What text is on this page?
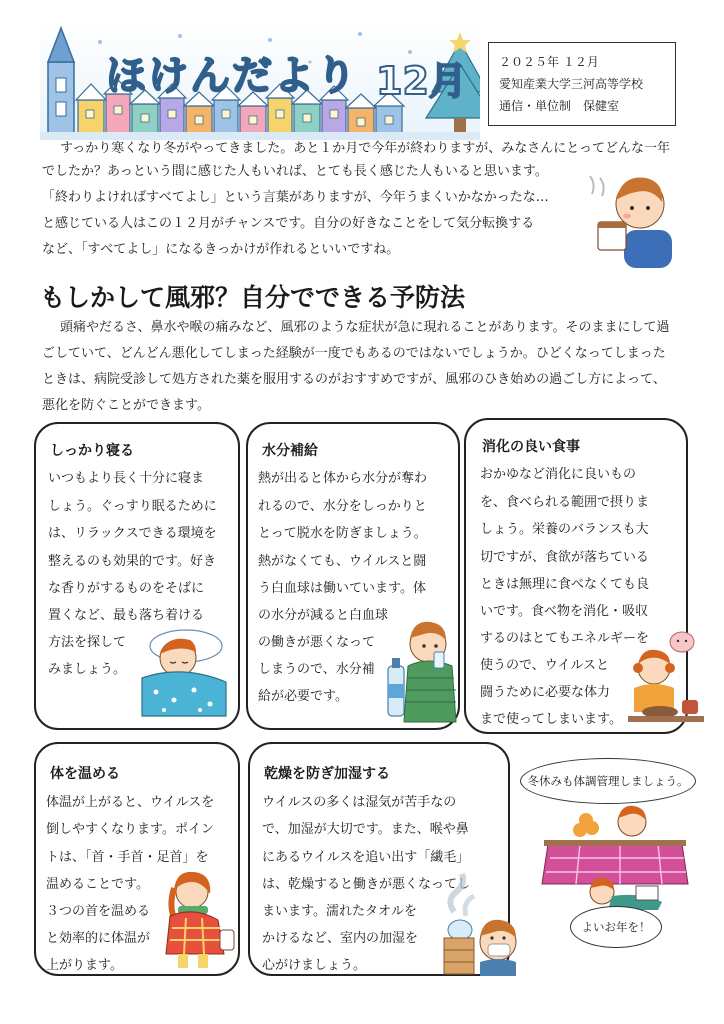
ほけんだより 12月	２０２５年 １２月
愛知産業大学三河高等学校
通信・単位制　保健室
すっかり寒くなり冬がやってきました。あと１か月で今年が終わりますが、みなさんにとってどんな一年
でしたか？あっという間に感じた人もいれば、とても長く感じた人もいると思います。
「終わりよければすべてよし」という言葉がありますが、今年うまくいかなかったな…
と感じている人はこの１２月がチャンスです。自分の好きなことをして気分転換する
など、「すべてよし」になるきっかけが作れるといいですね。
もしかして風邪？自分でできる予防法
頭痛やだるさ、鼻水や喉の痛みなど、風邪のような症状が急に現れることがあります。そのままにして過
ごしていて、どんどん悪化してしまった経験が一度でもあるのではないでしょうか。ひどくなってしまった
ときは、病院受診して処方された薬を服用するのがおすすめですが、風邪のひき始めの過ごし方によって、
悪化を防ぐことができます。
しっかり寝る
いつもより長く十分に寝ま
しょう。ぐっすり眠るために
は、リラックスできる環境を
整えるのも効果的です。好き
な香りがするものをそばに
置くなど、最も落ち着ける
方法を探して
みましょう。
水分補給
熱が出ると体から水分が奪わ
れるので、水分をしっかりと
とって脱水を防ぎましょう。
熱がなくても、ウイルスと闘
う白血球は働いています。体
の水分が減ると白血球
の働きが悪くなって
しまうので、水分補
給が必要です。
消化の良い食事
おかゆなど消化に良いもの
を、食べられる範囲で摂りま
しょう。栄養のバランスも大
切ですが、食欲が落ちている
ときは無理に食べなくても良
いです。食べ物を消化・吸収
するのはとてもエネルギーを
使うので、ウイルスと
闘うために必要な体力
まで使ってしまいます。
体を温める
体温が上がると、ウイルスを
倒しやすくなります。ポイン
トは、「首・手首・足首」を
温めることです。
３つの首を温める
と効率的に体温が
上がります。
乾燥を防ぎ加湿する
ウイルスの多くは湿気が苦手なの
で、加湿が大切です。また、喉や鼻
にあるウイルスを追い出す「繊毛」
は、乾燥すると働きが悪くなってし
まいます。濡れたタオルを
かけるなど、室内の加湿を
心がけましょう。
冬休みも体調管理しましょう。
よいお年を！
